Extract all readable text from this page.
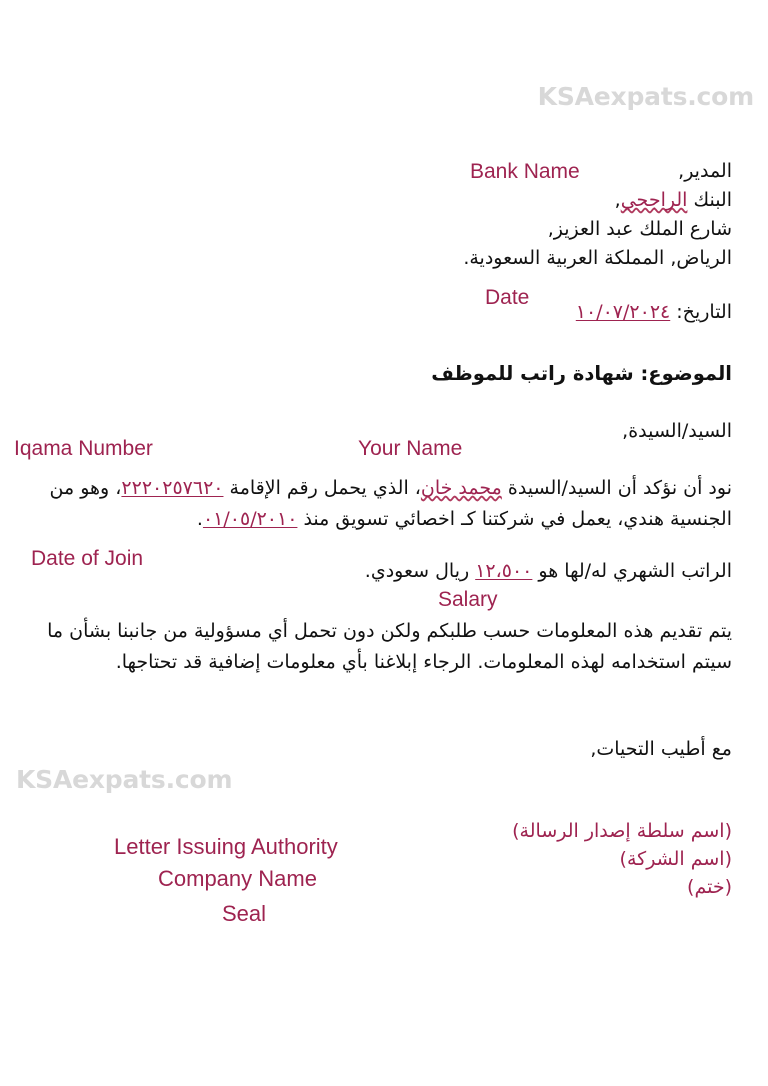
KSAexpats.com
KSAexpats.com
Bank Name
Date
Your Name
Iqama Number
Date of Join
Salary
Letter Issuing Authority
Company Name
Seal
المدير,
البنك الراجحي,
شارع الملك عبد العزيز,
الرياض, المملكة العربية السعودية.
التاريخ: ١٠/٠٧/٢٠٢٤
الموضوع: شهادة راتب للموظف
السيد/السيدة,
نود أن نؤكد أن السيد/السيدة محمد خان، الذي يحمل رقم الإقامة ٢٢٢٠٢٥٧٦٢٠، وهو من الجنسية هندي، يعمل في شركتنا كـ اخصائي تسويق منذ ٠١/٠٥/٢٠١٠.
الراتب الشهري له/لها هو ١٢،٥٠٠ ريال سعودي.
يتم تقديم هذه المعلومات حسب طلبكم ولكن دون تحمل أي مسؤولية من جانبنا بشأن ما سيتم استخدامه لهذه المعلومات. الرجاء إبلاغنا بأي معلومات إضافية قد تحتاجها.
مع أطيب التحيات,
(اسم سلطة إصدار الرسالة)
(اسم الشركة)
(ختم)
